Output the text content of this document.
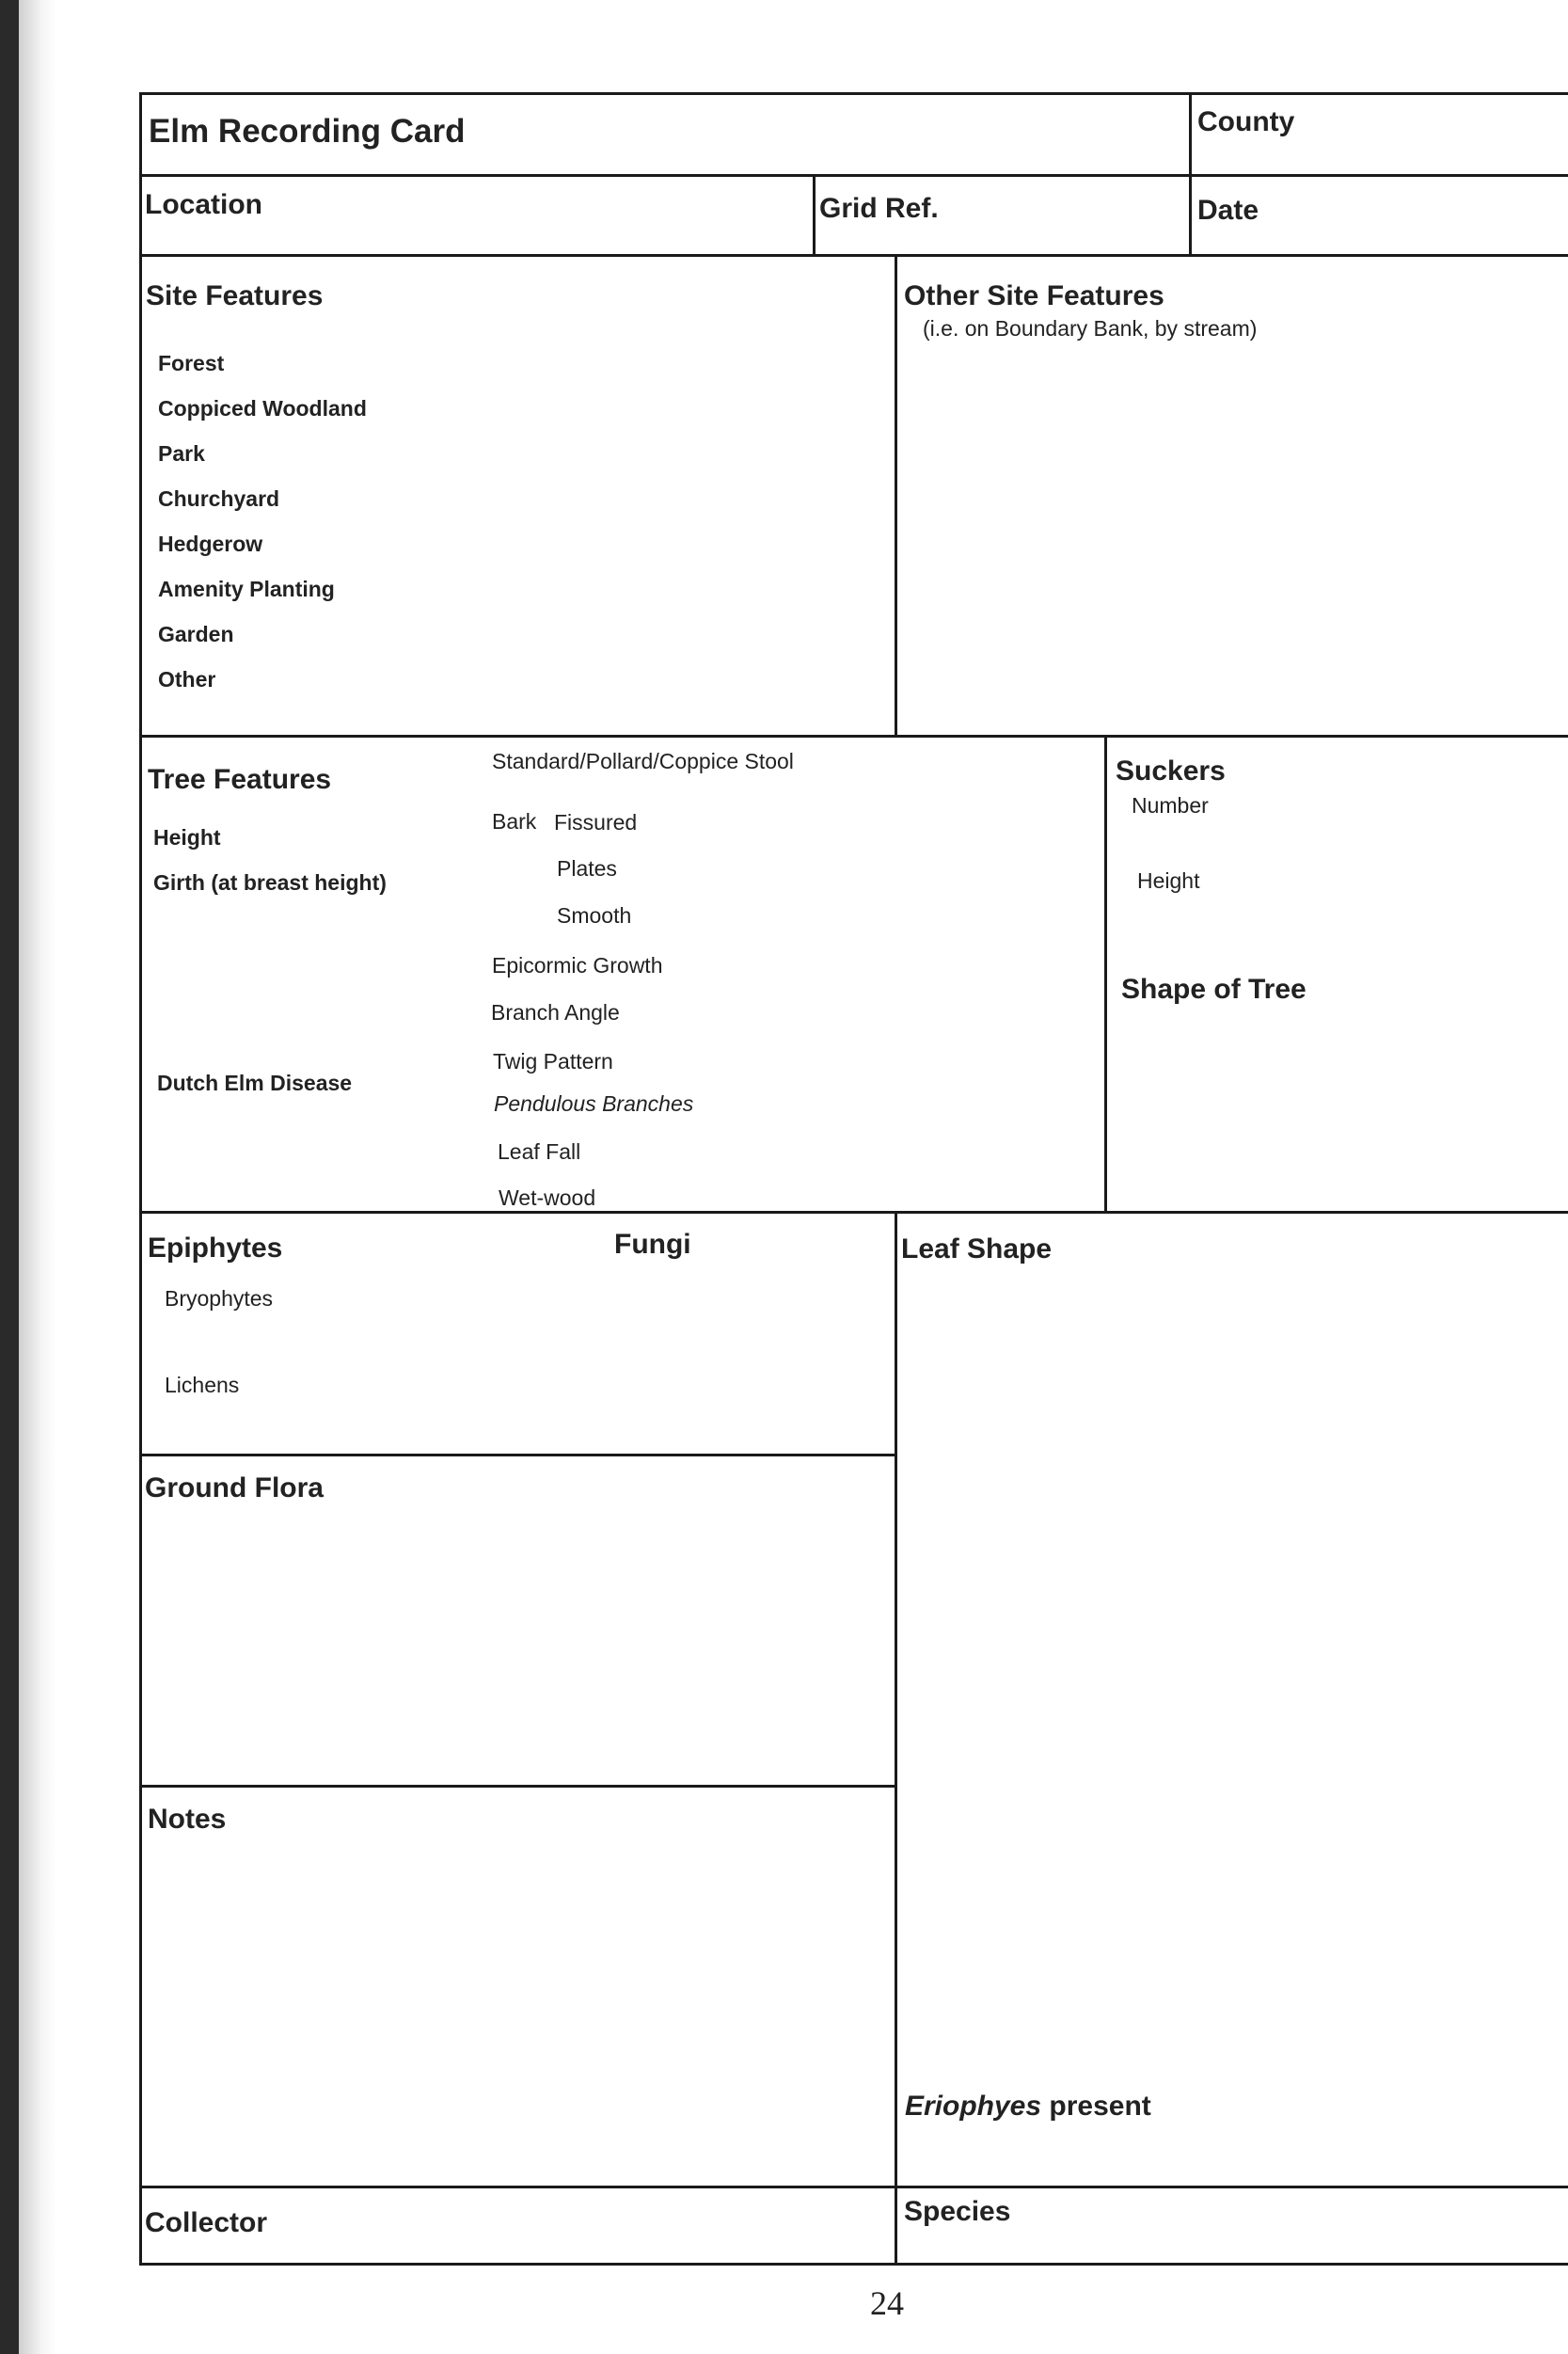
Elm Recording Card	County
Location	Grid Ref.	Date
Site Features
Forest
Coppiced Woodland
Park
Churchyard
Hedgerow
Amenity Planting
Garden
Other
Other Site Features
(i.e. on Boundary Bank, by stream)
Tree Features
Height
Girth (at breast height)
Dutch Elm Disease
Standard/Pollard/Coppice Stool
Bark Fissured
Plates
Smooth
Epicormic Growth
Branch Angle
Twig Pattern
Pendulous Branches
Leaf Fall
Wet-wood
Suckers
Number
Height
Shape of Tree
Epiphytes	Fungi
Bryophytes
Lichens
Leaf Shape
Eriophyes present
Ground Flora
Notes
Collector	Species
24
